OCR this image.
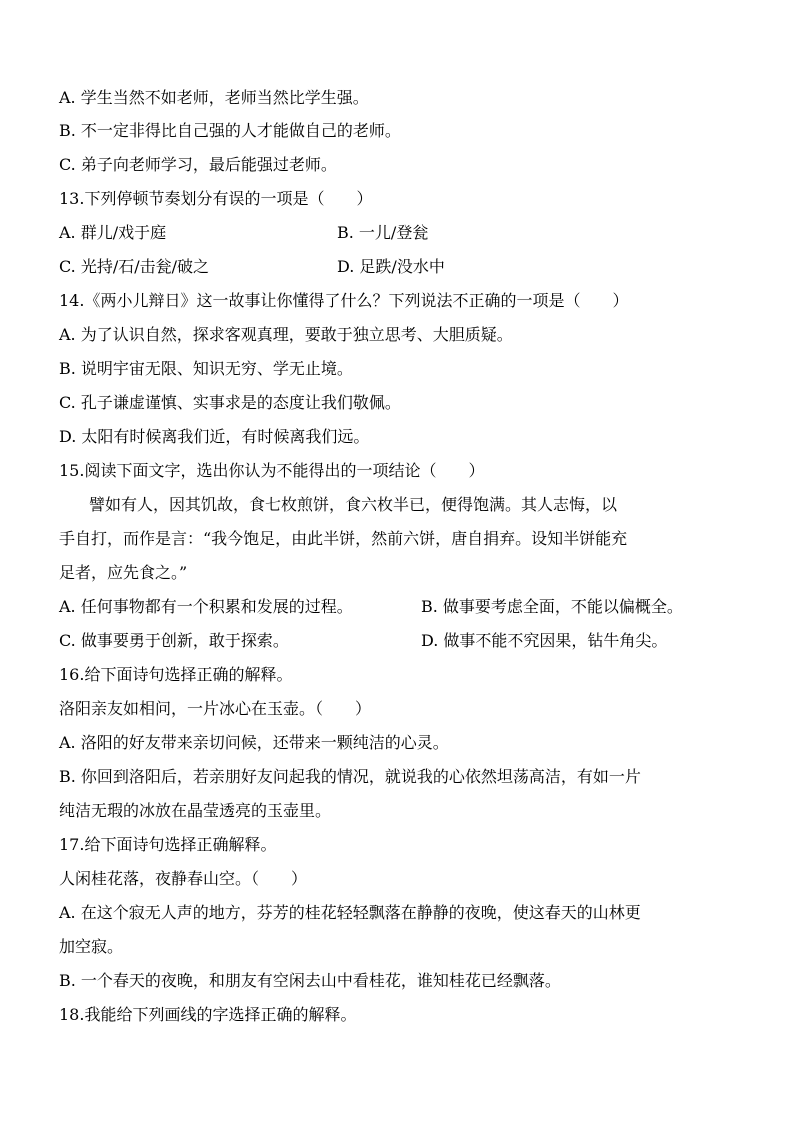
A. 学生当然不如老师，老师当然比学生强。
B. 不一定非得比自己强的人才能做自己的老师。
C. 弟子向老师学习，最后能强过老师。
13.下列停顿节奏划分有误的一项是（　　）
A. 群儿/戏于庭	B. 一儿/登瓮
C. 光持/石/击瓮/破之	D. 足跌/没水中
14.《两小儿辩日》这一故事让你懂得了什么？下列说法不正确的一项是（　　）
A. 为了认识自然，探求客观真理，要敢于独立思考、大胆质疑。
B. 说明宇宙无限、知识无穷、学无止境。
C. 孔子谦虚谨慎、实事求是的态度让我们敬佩。
D. 太阳有时候离我们近，有时候离我们远。
15.阅读下面文字，选出你认为不能得出的一项结论（　　）
譬如有人，因其饥故，食七枚煎饼，食六枚半已，便得饱满。其人志悔，以
手自打，而作是言：“我今饱足，由此半饼，然前六饼，唐自捐弃。设知半饼能充
足者，应先食之。”
A. 任何事物都有一个积累和发展的过程。	B. 做事要考虑全面，不能以偏概全。
C. 做事要勇于创新，敢于探索。	D. 做事不能不究因果，钻牛角尖。
16.给下面诗句选择正确的解释。
洛阳亲友如相问，一片冰心在玉壶。（　　）
A. 洛阳的好友带来亲切问候，还带来一颗纯洁的心灵。
B. 你回到洛阳后，若亲朋好友问起我的情况，就说我的心依然坦荡高洁，有如一片
纯洁无瑕的冰放在晶莹透亮的玉壶里。
17.给下面诗句选择正确解释。
人闲桂花落，夜静春山空。（　　）
A. 在这个寂无人声的地方，芬芳的桂花轻轻飘落在静静的夜晚，使这春天的山林更
加空寂。
B. 一个春天的夜晚，和朋友有空闲去山中看桂花，谁知桂花已经飘落。
18.我能给下列画线的字选择正确的解释。
